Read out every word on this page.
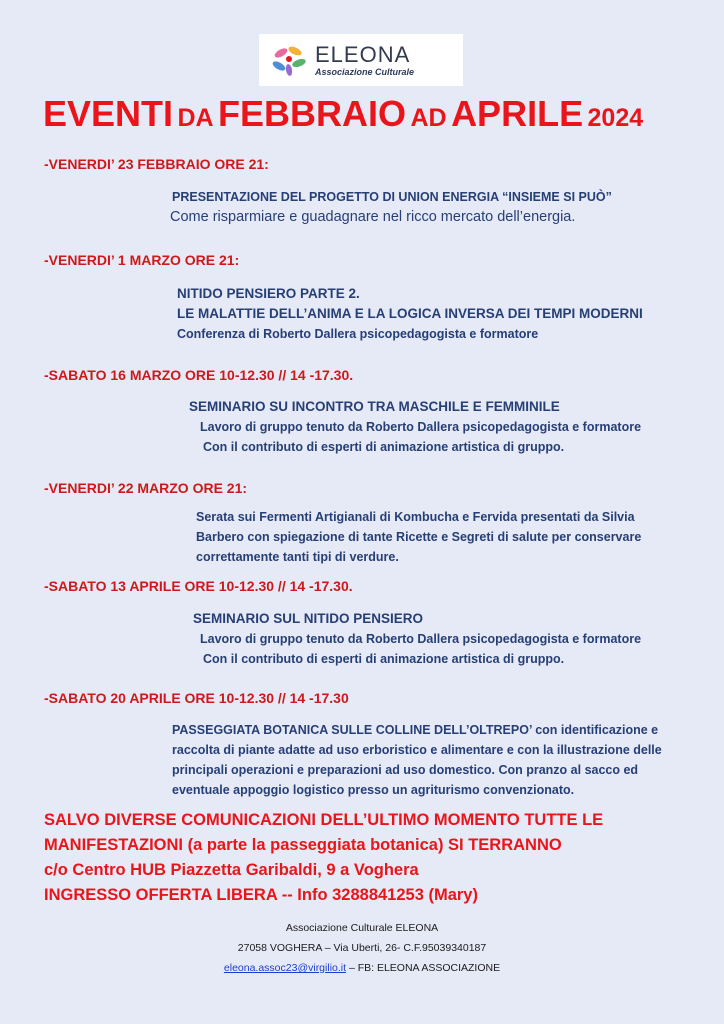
ELEONA
Associazione Culturale
EVENTI DA FEBBRAIO AD APRILE 2024
-VENERDI’ 23 FEBBRAIO ORE 21:
PRESENTAZIONE DEL PROGETTO DI UNION ENERGIA “INSIEME SI PUÒ”
Come risparmiare e guadagnare nel ricco mercato dell’energia.
-VENERDI’ 1 MARZO ORE 21:
NITIDO PENSIERO PARTE 2.
LE MALATTIE DELL’ANIMA E LA LOGICA INVERSA DEI TEMPI MODERNI
Conferenza di Roberto Dallera psicopedagogista e formatore
-SABATO 16 MARZO ORE 10-12.30 // 14 -17.30.
SEMINARIO SU INCONTRO TRA MASCHILE E FEMMINILE
Lavoro di gruppo tenuto da Roberto Dallera psicopedagogista e formatore
Con il contributo di esperti di animazione artistica di gruppo.
-VENERDI’ 22 MARZO ORE 21:
Serata sui Fermenti Artigianali di Kombucha e Fervida presentati da Silvia
Barbero con spiegazione di tante Ricette e Segreti di salute per conservare
correttamente tanti tipi di verdure.
-SABATO 13 APRILE ORE 10-12.30 // 14 -17.30.
SEMINARIO SUL NITIDO PENSIERO
Lavoro di gruppo tenuto da Roberto Dallera psicopedagogista e formatore
Con il contributo di esperti di animazione artistica di gruppo.
-SABATO 20 APRILE ORE 10-12.30 // 14 -17.30
PASSEGGIATA BOTANICA SULLE COLLINE DELL’OLTREPO’ con identificazione e
raccolta di piante adatte ad uso erboristico e alimentare e con la illustrazione delle
principali operazioni e preparazioni ad uso domestico. Con pranzo al sacco ed
eventuale appoggio logistico presso un agriturismo convenzionato.
SALVO DIVERSE COMUNICAZIONI DELL’ULTIMO MOMENTO TUTTE LE
MANIFESTAZIONI (a parte la passeggiata botanica) SI TERRANNO
c/o Centro HUB Piazzetta Garibaldi, 9 a Voghera
INGRESSO OFFERTA LIBERA -- Info 3288841253 (Mary)
Associazione Culturale ELEONA
27058 VOGHERA – Via Uberti, 26- C.F.95039340187
eleona.assoc23@virgilio.it – FB: ELEONA ASSOCIAZIONE
